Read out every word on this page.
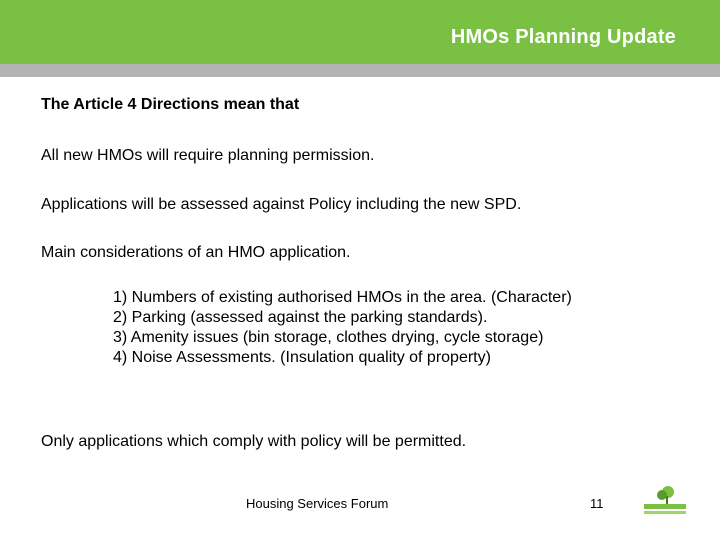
HMOs Planning Update

The Article 4 Directions mean that

All new HMOs will require planning permission.

Applications will be assessed against Policy including the new SPD.

Main considerations of an HMO application.

1) Numbers of existing authorised HMOs in the area. (Character)
2) Parking (assessed against the parking standards).
3) Amenity issues (bin storage, clothes drying, cycle storage)
4) Noise Assessments. (Insulation quality of property)

Only applications which comply with policy will be permitted.

Housing Services Forum	11
